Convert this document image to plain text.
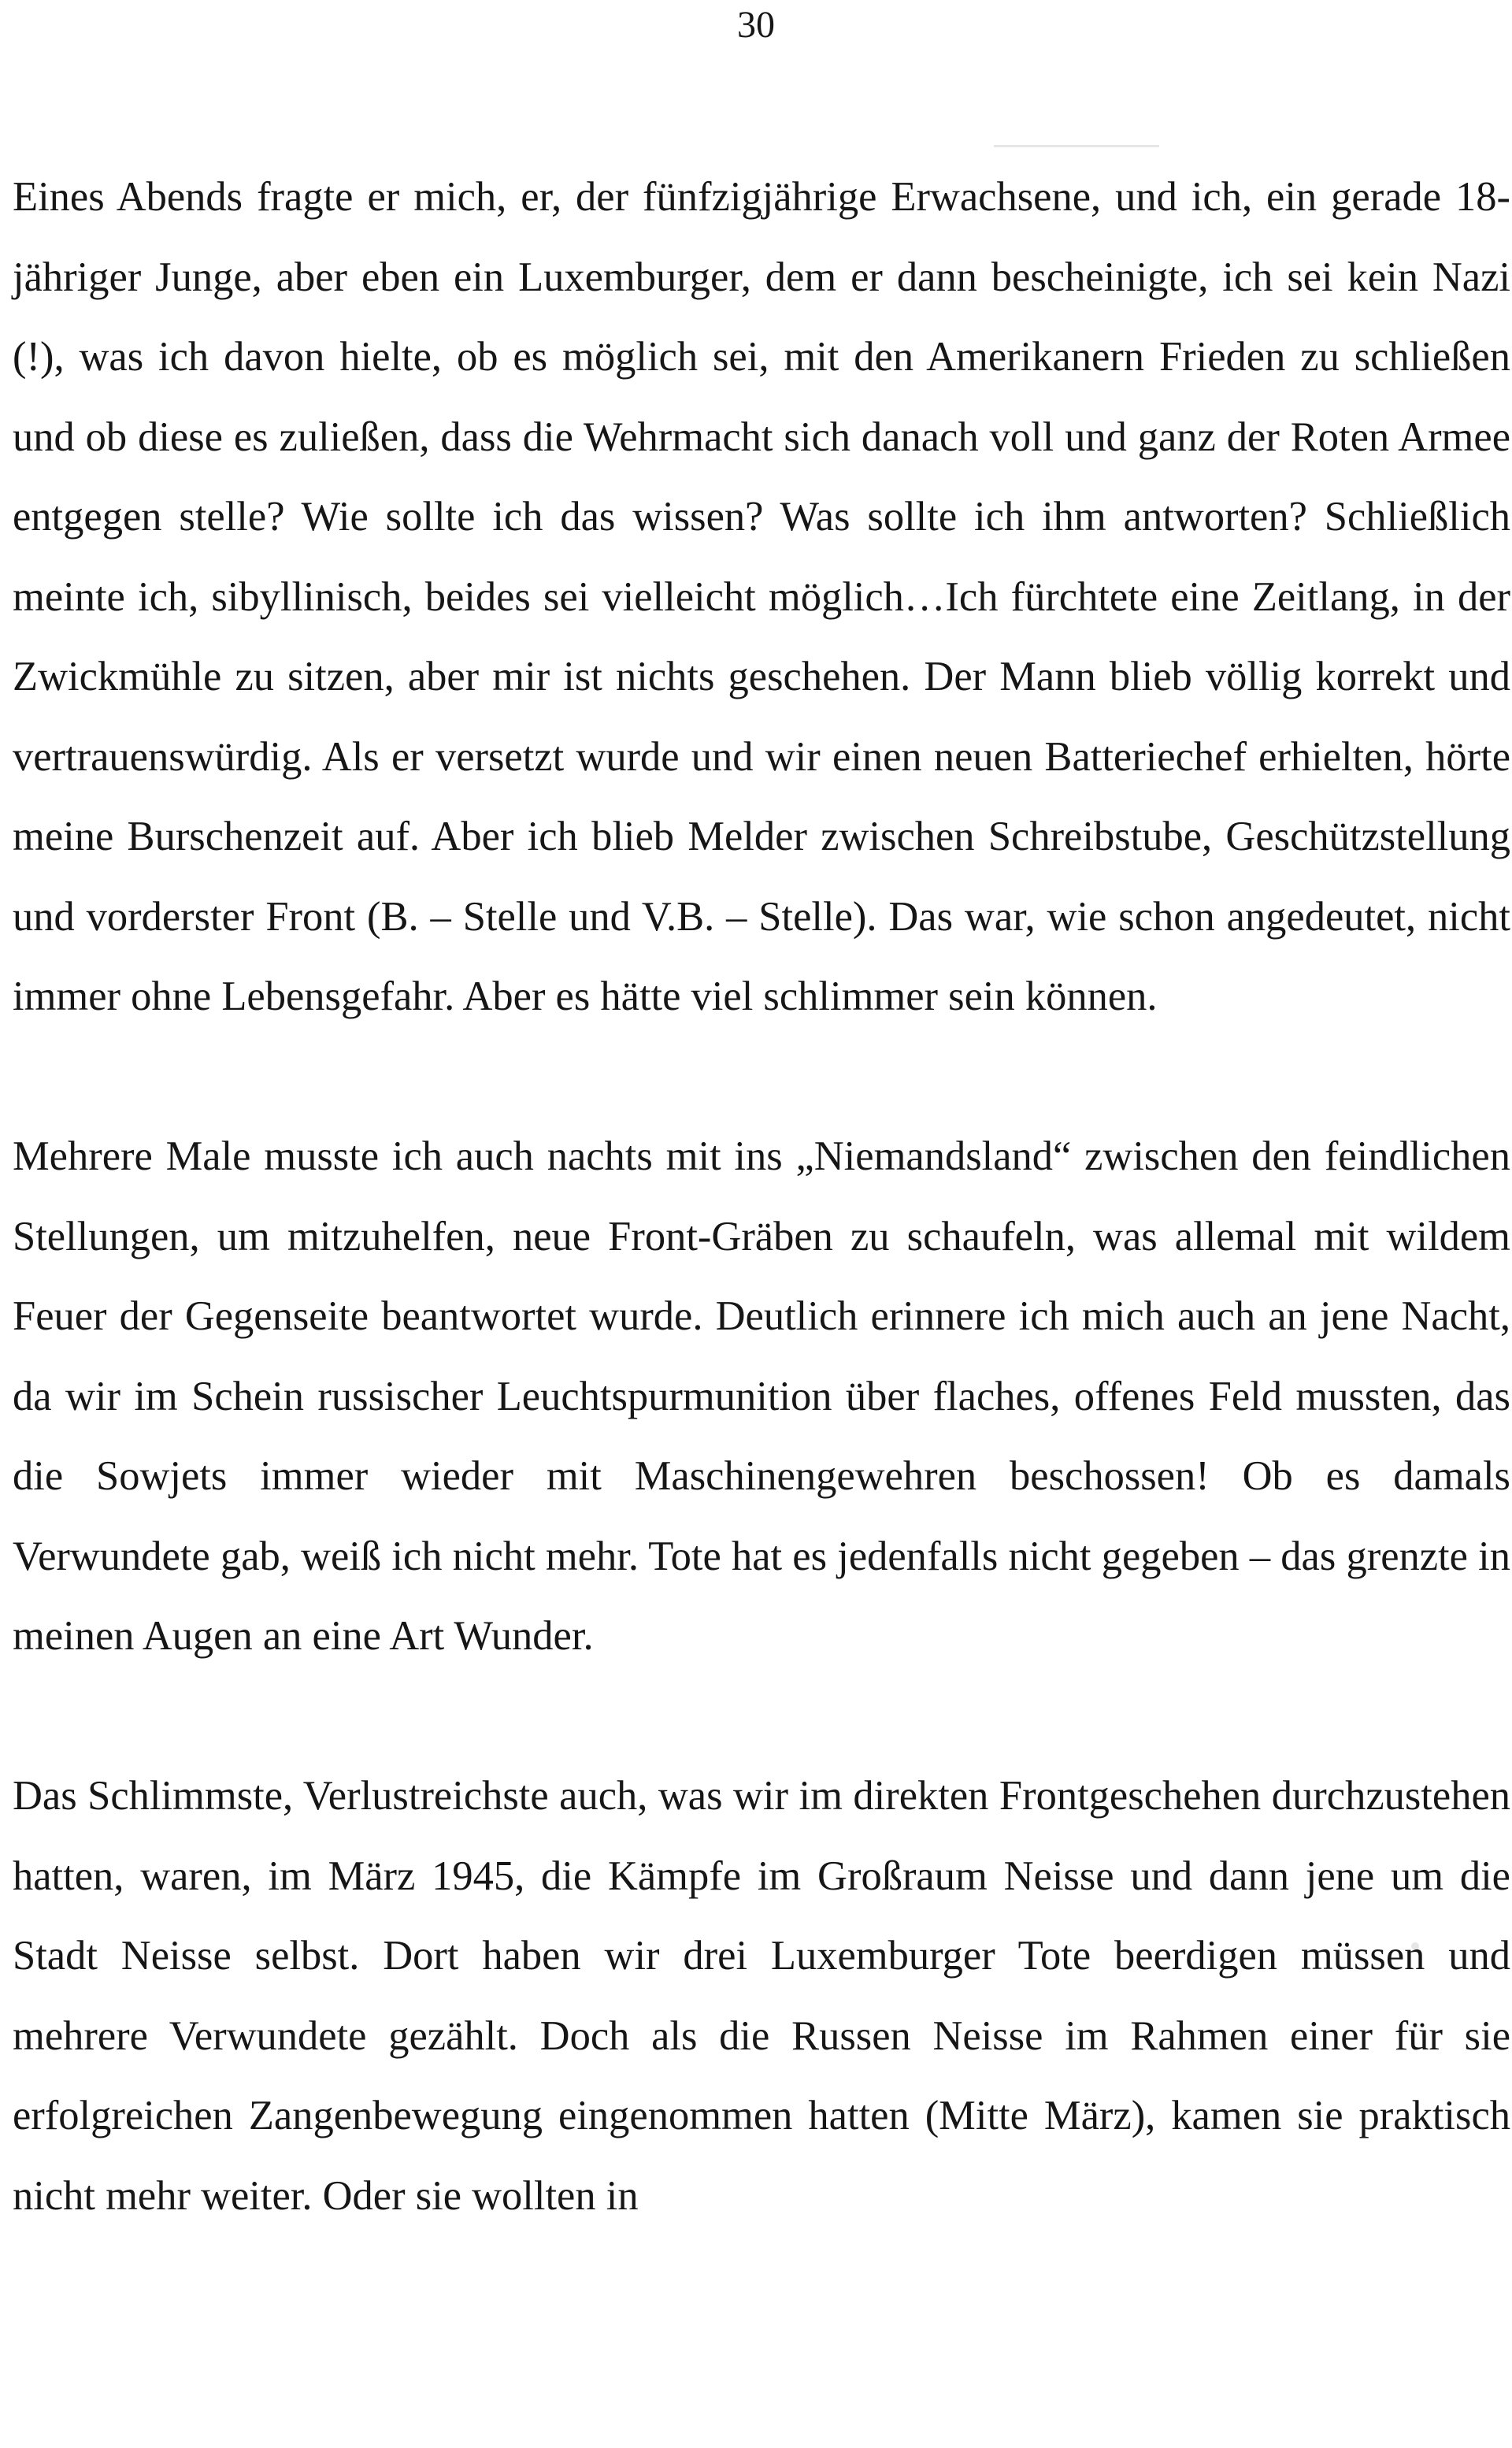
30

Eines Abends fragte er mich, er, der fünfzigjährige Erwachsene, und ich, ein gerade 18-jähriger Junge, aber eben ein Luxemburger, dem er dann bescheinigte, ich sei kein Nazi (!), was ich davon hielte, ob es möglich sei, mit den Amerikanern Frieden zu schließen und ob diese es zuließen, dass die Wehrmacht sich danach voll und ganz der Roten Armee entgegen stelle? Wie sollte ich das wissen? Was sollte ich ihm antworten? Schließlich meinte ich, sibyllinisch, beides sei vielleicht möglich…Ich fürchtete eine Zeitlang, in der Zwickmühle zu sitzen, aber mir ist nichts geschehen. Der Mann blieb völlig korrekt und vertrauenswürdig. Als er versetzt wurde und wir einen neuen Batteriechef erhielten, hörte meine Burschenzeit auf. Aber ich blieb Melder zwischen Schreibstube, Geschützstellung und vorderster Front (B. – Stelle und V.B. – Stelle). Das war, wie schon angedeutet, nicht immer ohne Lebensgefahr. Aber es hätte viel schlimmer sein können.

Mehrere Male musste ich auch nachts mit ins „Niemandsland“ zwischen den feindlichen Stellungen, um mitzuhelfen, neue Front-Gräben zu schaufeln, was allemal mit wildem Feuer der Gegenseite beantwortet wurde. Deutlich erinnere ich mich auch an jene Nacht, da wir im Schein russischer Leuchtspurmunition über flaches, offenes Feld mussten, das die Sowjets immer wieder mit Maschinengewehren beschossen! Ob es damals Verwundete gab, weiß ich nicht mehr. Tote hat es jedenfalls nicht gegeben – das grenzte in meinen Augen an eine Art Wunder.

Das Schlimmste, Verlustreichste auch, was wir im direkten Frontgeschehen durchzustehen hatten, waren, im März 1945, die Kämpfe im Großraum Neisse und dann jene um die Stadt Neisse selbst. Dort haben wir drei Luxemburger Tote beerdigen müssen und mehrere Verwundete gezählt. Doch als die Russen Neisse im Rahmen einer für sie erfolgreichen Zangenbewegung eingenommen hatten (Mitte März), kamen sie praktisch nicht mehr weiter. Oder sie wollten in
